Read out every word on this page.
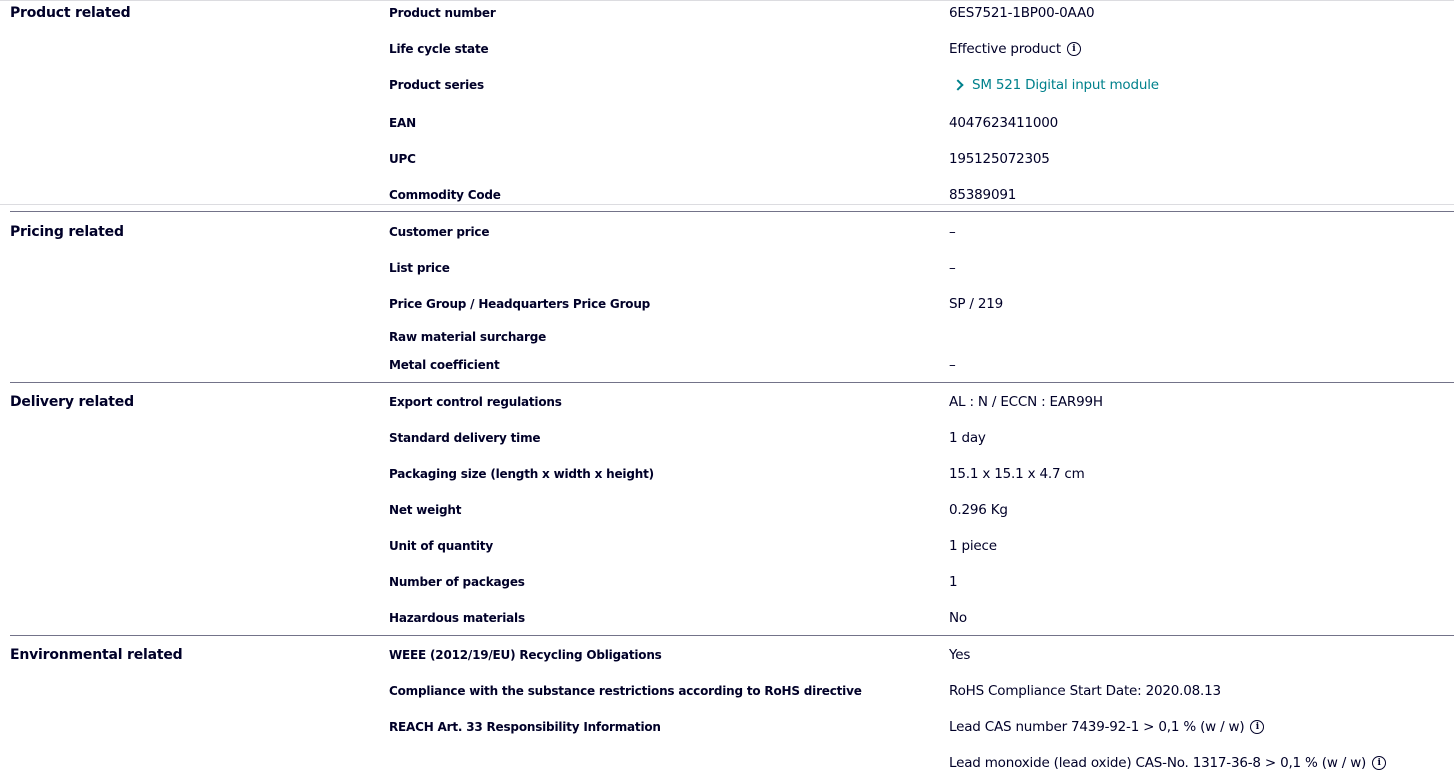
Product related	Product number	6ES7521-1BP00-0AA0
Life cycle state	Effective product	i
Product series	SM 521 Digital input module
EAN	4047623411000
UPC	195125072305
Commodity Code	85389091
Pricing related	Customer price	–
List price	–
Price Group / Headquarters Price Group	SP / 219
Raw material surcharge
Metal coefficient	–
Delivery related	Export control regulations	AL : N / ECCN : EAR99H
Standard delivery time	1 day
Packaging size (length x width x height)	15.1 x 15.1 x 4.7 cm
Net weight	0.296 Kg
Unit of quantity	1 piece
Number of packages	1
Hazardous materials	No
Environmental related	WEEE (2012/19/EU) Recycling Obligations	Yes
Compliance with the substance restrictions according to RoHS directive	RoHS Compliance Start Date: 2020.08.13
REACH Art. 33 Responsibility Information	Lead CAS number 7439-92-1 > 0,1 % (w / w)	i
Lead monoxide (lead oxide) CAS-No. 1317-36-8 > 0,1 % (w / w)	i
